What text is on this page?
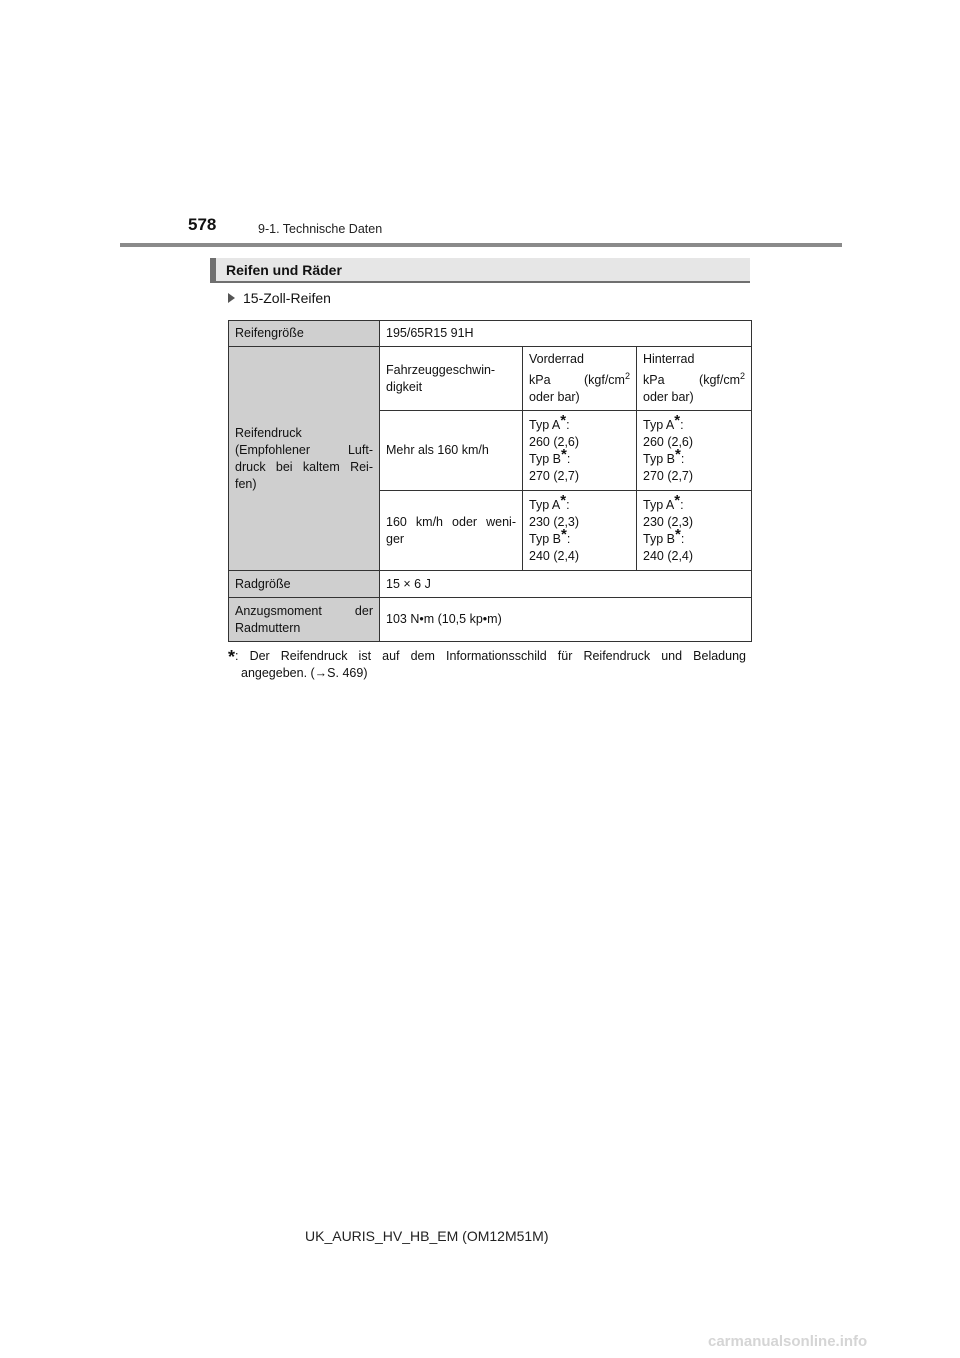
578	9-1. Technische Daten
Reifen und Räder
15-Zoll-Reifen
Reifengröße	195/65R15 91H		

Reifendruck
(Empfohlener Luft-
druck bei kaltem Rei-
fen)	Fahrzeuggeschwin-
digkeit	Vorderrad
kPa ($kgf/cm^2$
oder bar)	Hinterrad
kPa ($kgf/cm^2$
oder bar)

	Mehr als 160 km/h	Typ A*:
260 (2,6)
Typ B*:
270 (2,7)	Typ A*:
260 (2,6)
Typ B*:
270 (2,7)

	160 km/h oder weni-
ger	Typ A*:
230 (2,3)
Typ B*:
240 (2,4)	Typ A*:
230 (2,3)
Typ B*:
240 (2,4)

Radgröße	15 × 6 J		

Anzugsmoment der
Radmuttern	103 N•m (10,5 kp•m)		
*: Der Reifendruck ist auf dem Informationsschild für Reifendruck und Beladung
angegeben. (→S. 469)
UK_AURIS_HV_HB_EM (OM12M51M)
carmanualsonline.info
